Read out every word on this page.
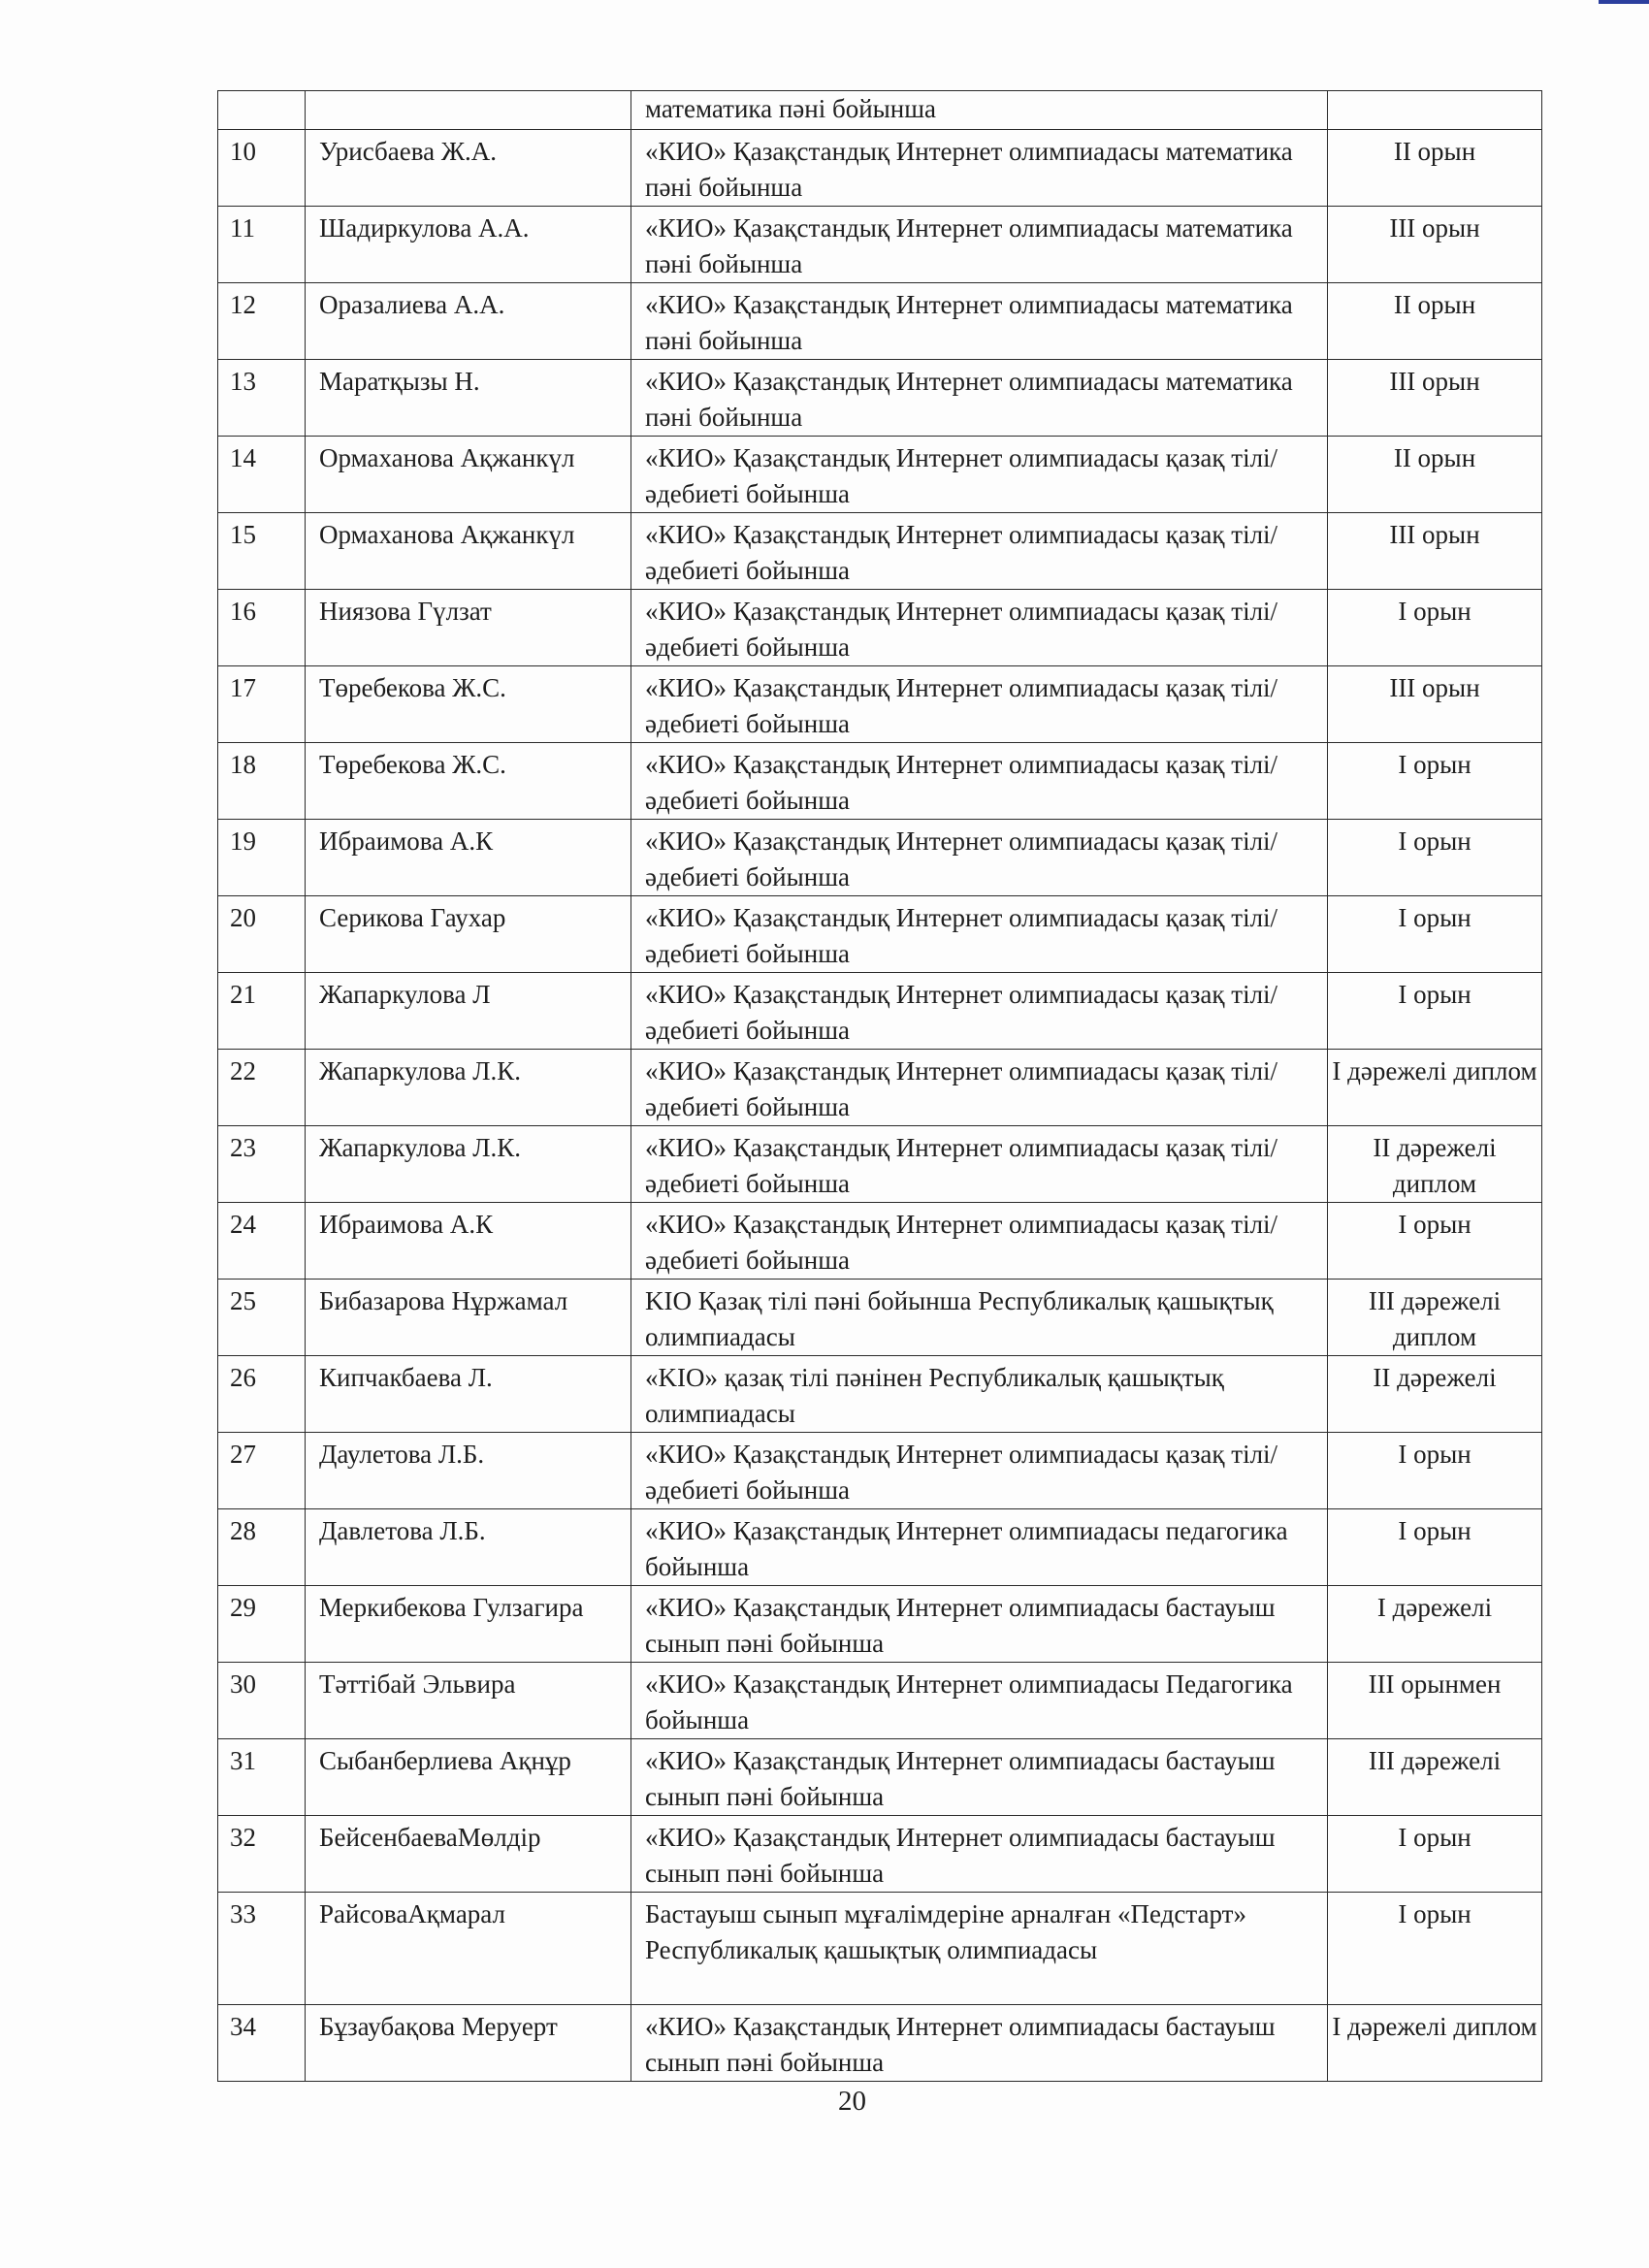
		математика пәні бойынша	
10	Урисбаева Ж.А.	«КИО» Қазақстандық Интернет олимпиадасы математика пәні бойынша	II орын
11	Шадиркулова А.А.	«КИО» Қазақстандық Интернет олимпиадасы математика пәні бойынша	III орын
12	Оразалиева А.А.	«КИО» Қазақстандық Интернет олимпиадасы математика пәні бойынша	II орын
13	Маратқызы Н.	«КИО» Қазақстандық Интернет олимпиадасы математика пәні бойынша	III орын
14	Ормаханова Ақжанкүл	«КИО» Қазақстандық Интернет олимпиадасы қазақ тілі/әдебиеті бойынша	II орын
15	Ормаханова Ақжанкүл	«КИО» Қазақстандық Интернет олимпиадасы қазақ тілі/әдебиеті бойынша	III орын
16	Ниязова Гүлзат	«КИО» Қазақстандық Интернет олимпиадасы қазақ тілі/әдебиеті бойынша	I орын
17	Төребекова Ж.С.	«КИО» Қазақстандық Интернет олимпиадасы қазақ тілі/әдебиеті бойынша	III орын
18	Төребекова Ж.С.	«КИО» Қазақстандық Интернет олимпиадасы қазақ тілі/әдебиеті бойынша	I орын
19	Ибраимова А.К	«КИО» Қазақстандық Интернет олимпиадасы қазақ тілі/әдебиеті бойынша	I орын
20	Серикова Гаухар	«КИО» Қазақстандық Интернет олимпиадасы қазақ тілі/әдебиеті бойынша	I орын
21	Жапаркулова Л	«КИО» Қазақстандық Интернет олимпиадасы қазақ тілі/әдебиеті бойынша	I орын
22	Жапаркулова Л.К.	«КИО» Қазақстандық Интернет олимпиадасы қазақ тілі/әдебиеті бойынша	I дәрежелі диплом
23	Жапаркулова Л.К.	«КИО» Қазақстандық Интернет олимпиадасы қазақ тілі/әдебиеті бойынша	II дәрежелі диплом
24	Ибраимова А.К	«КИО» Қазақстандық Интернет олимпиадасы қазақ тілі/әдебиеті бойынша	I орын
25	Бибазарова Нұржамал	KIO Қазақ тілі пәні бойынша Республикалық қашықтық олимпиадасы	III дәрежелі диплом
26	Кипчакбаева Л.	«KIO» қазақ тілі пәнінен Республикалық қашықтық олимпиадасы	II дәрежелі
27	Даулетова Л.Б.	«КИО» Қазақстандық Интернет олимпиадасы қазақ тілі/әдебиеті бойынша	I орын
28	Давлетова Л.Б.	«КИО» Қазақстандық Интернет олимпиадасы педагогика бойынша	I орын
29	Меркибекова Гулзагира	«КИО» Қазақстандық Интернет олимпиадасы бастауыш сынып пәні бойынша	I дәрежелі
30	Тәттібай Эльвира	«КИО» Қазақстандық Интернет олимпиадасы Педагогика бойынша	III орынмен
31	Сыбанберлиева Ақнұр	«КИО» Қазақстандық Интернет олимпиадасы бастауыш сынып пәні бойынша	III дәрежелі
32	БейсенбаеваМөлдір	«КИО» Қазақстандық Интернет олимпиадасы бастауыш сынып пәні бойынша	I орын
33	РайсоваАқмарал	Бастауыш сынып мұғалімдеріне арналған «Педстарт» Республикалық қашықтық олимпиадасы	I орын
34	Бұзаубақова Меруерт	«КИО» Қазақстандық Интернет олимпиадасы бастауыш сынып пәні бойынша	I дәрежелі диплом
20
